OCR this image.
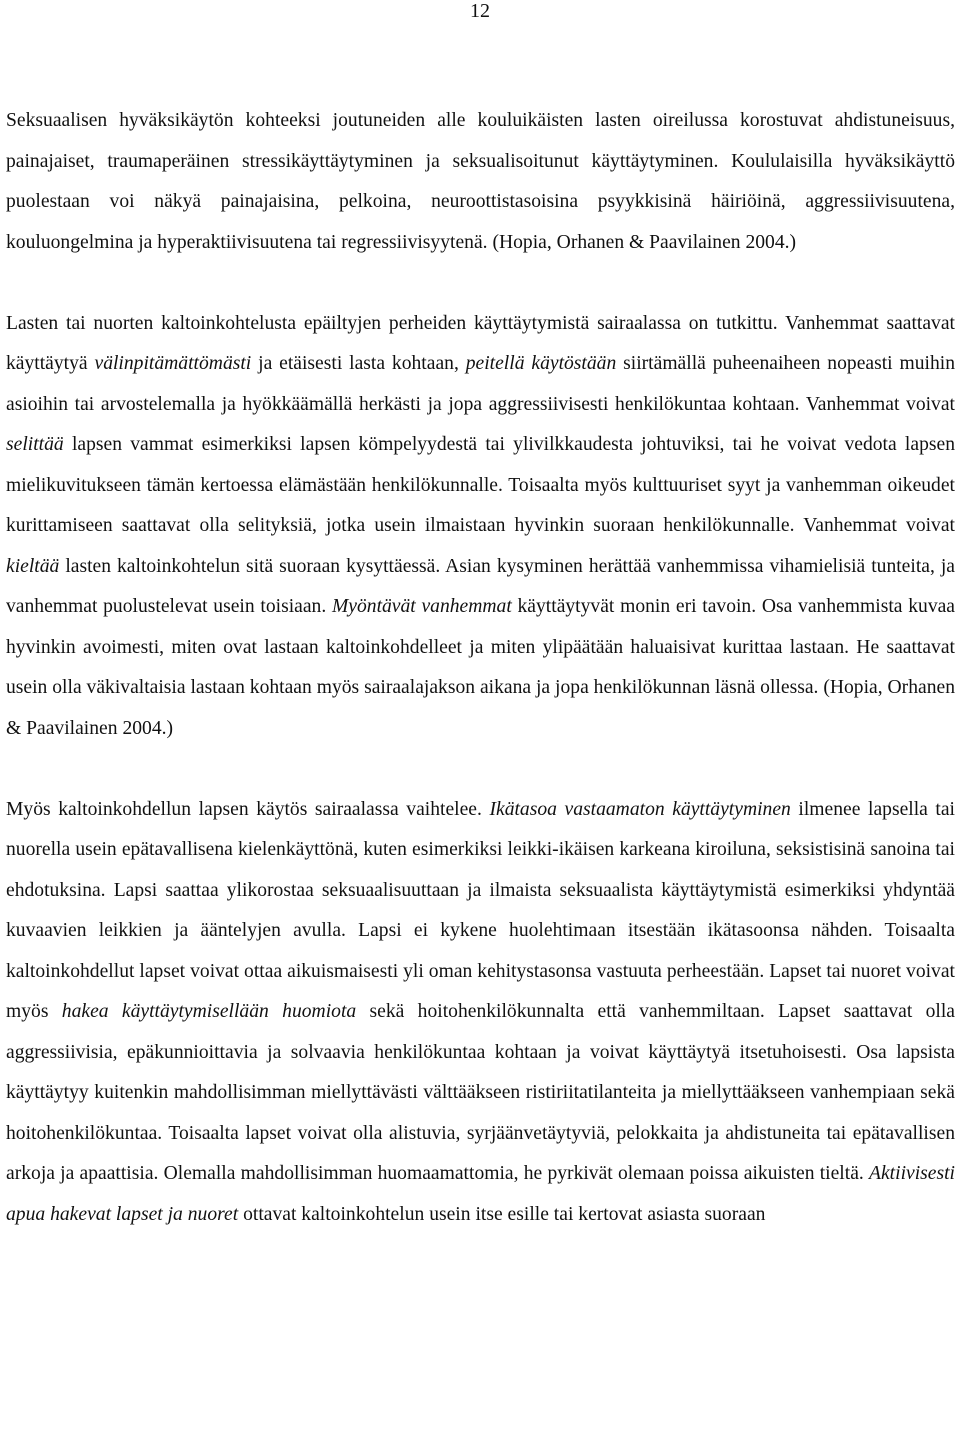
12

Seksuaalisen hyväksikäytön kohteeksi joutuneiden alle kouluikäisten lasten oireilussa korostuvat ahdistuneisuus, painajaiset, traumaperäinen stressikäyttäytyminen ja seksualisoitunut käyttäytyminen. Koululaisilla hyväksikäyttö puolestaan voi näkyä painajaisina, pelkoina, neuroottistasoisina psyykkisinä häiriöinä, aggressiivisuutena, kouluongelmina ja hyperaktiivisuutena tai regressiivisyytenä. (Hopia, Orhanen & Paavilainen 2004.)

Lasten tai nuorten kaltoinkohtelusta epäiltyjen perheiden käyttäytymistä sairaalassa on tutkittu. Vanhemmat saattavat käyttäytyä välinpitämättömästi ja etäisesti lasta kohtaan, peitellä käytöstään siirtämällä puheenaiheen nopeasti muihin asioihin tai arvostelemalla ja hyökkäämällä herkästi ja jopa aggressiivisesti henkilökuntaa kohtaan. Vanhemmat voivat selittää lapsen vammat esimerkiksi lapsen kömpelyydestä tai ylivilkkaudesta johtuviksi, tai he voivat vedota lapsen mielikuvitukseen tämän kertoessa elämästään henkilökunnalle. Toisaalta myös kulttuuriset syyt ja vanhemman oikeudet kurittamiseen saattavat olla selityksiä, jotka usein ilmaistaan hyvinkin suoraan henkilökunnalle. Vanhemmat voivat kieltää lasten kaltoinkohtelun sitä suoraan kysyttäessä. Asian kysyminen herättää vanhemmissa vihamielisiä tunteita, ja vanhemmat puolustelevat usein toisiaan. Myöntävät vanhemmat käyttäytyvät monin eri tavoin. Osa vanhemmista kuvaa hyvinkin avoimesti, miten ovat lastaan kaltoinkohdelleet ja miten ylipäätään haluaisivat kurittaa lastaan. He saattavat usein olla väkivaltaisia lastaan kohtaan myös sairaalajakson aikana ja jopa henkilökunnan läsnä ollessa. (Hopia, Orhanen & Paavilainen 2004.)

Myös kaltoinkohdellun lapsen käytös sairaalassa vaihtelee. Ikätasoa vastaamaton käyttäytyminen ilmenee lapsella tai nuorella usein epätavallisena kielenkäyttönä, kuten esimerkiksi leikki-ikäisen karkeana kiroiluna, seksistisinä sanoina tai ehdotuksina. Lapsi saattaa ylikorostaa seksuaalisuuttaan ja ilmaista seksuaalista käyttäytymistä esimerkiksi yhdyntää kuvaavien leikkien ja ääntelyjen avulla. Lapsi ei kykene huolehtimaan itsestään ikätasoonsa nähden. Toisaalta kaltoinkohdellut lapset voivat ottaa aikuismaisesti yli oman kehitystasonsa vastuuta perheestään. Lapset tai nuoret voivat myös hakea käyttäytymisellään huomiota sekä hoitohenkilökunnalta että vanhemmiltaan. Lapset saattavat olla aggressiivisia, epäkunnioittavia ja solvaavia henkilökuntaa kohtaan ja voivat käyttäytyä itsetuhoisesti. Osa lapsista käyttäytyy kuitenkin mahdollisimman miellyttävästi välttääkseen ristiriitatilanteita ja miellyttääkseen vanhempiaan sekä hoitohenkilökuntaa. Toisaalta lapset voivat olla alistuvia, syrjäänvetäytyviä, pelokkaita ja ahdistuneita tai epätavallisen arkoja ja apaattisia. Olemalla mahdollisimman huomaamattomia, he pyrkivät olemaan poissa aikuisten tieltä. Aktiivisesti apua hakevat lapset ja nuoret ottavat kaltoinkohtelun usein itse esille tai kertovat asiasta suoraan
